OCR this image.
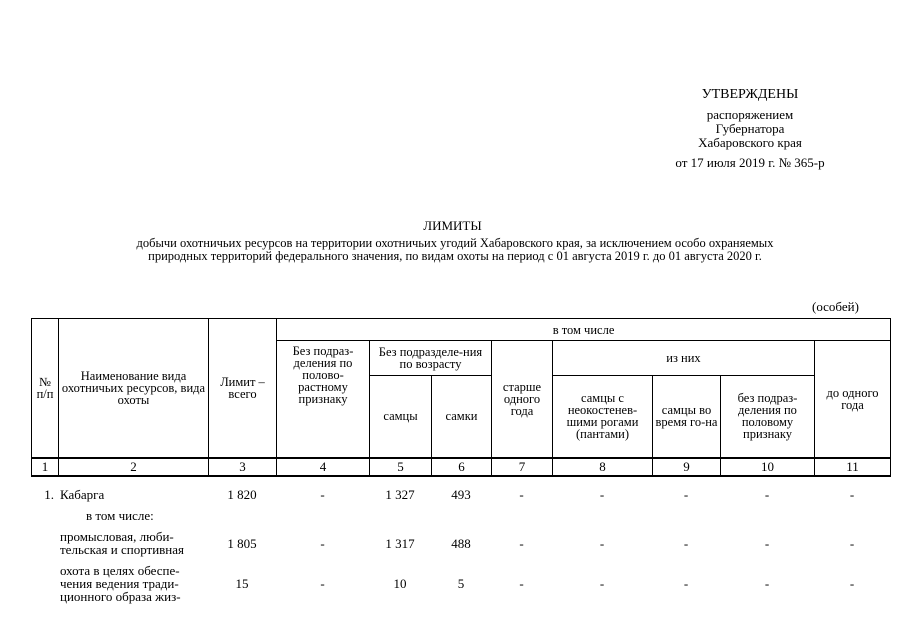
УТВЕРЖДЕНЫ
распоряжением
Губернатора
Хабаровского края
от 17 июля 2019 г. № 365-р
ЛИМИТЫ
добычи охотничьих ресурсов на территории охотничьих угодий Хабаровского края, за исключением особо охраняемых
природных территорий федерального значения, по видам охоты на период с 01 августа 2019 г. до 01 августа 2020 г.
(особей)
№ п/п	Наименование вида охотничьих ресурсов, вида охоты	Лимит – всего	в том числе							
			Без подраз-деления по полово-растному признаку	Без подразделе-ния по возрасту		старше одного года	из них			до одного года
				самцы	самки		самцы с неокостенев-шими рогами (пантами)	самцы во время го-на	без подраз-деления по половому признаку	
1	2	3	4	5	6	7	8	9	10	11
1.	Кабарга	1 820	-	1 327	493	-	-	-	-	-
	в том числе:									
	промысловая, люби-тельская и спортивная	1 805	-	1 317	488	-	-	-	-	-
	охота в целях обеспе-чения ведения тради-ционного образа жиз-	15	-	10	5	-	-	-	-	-
